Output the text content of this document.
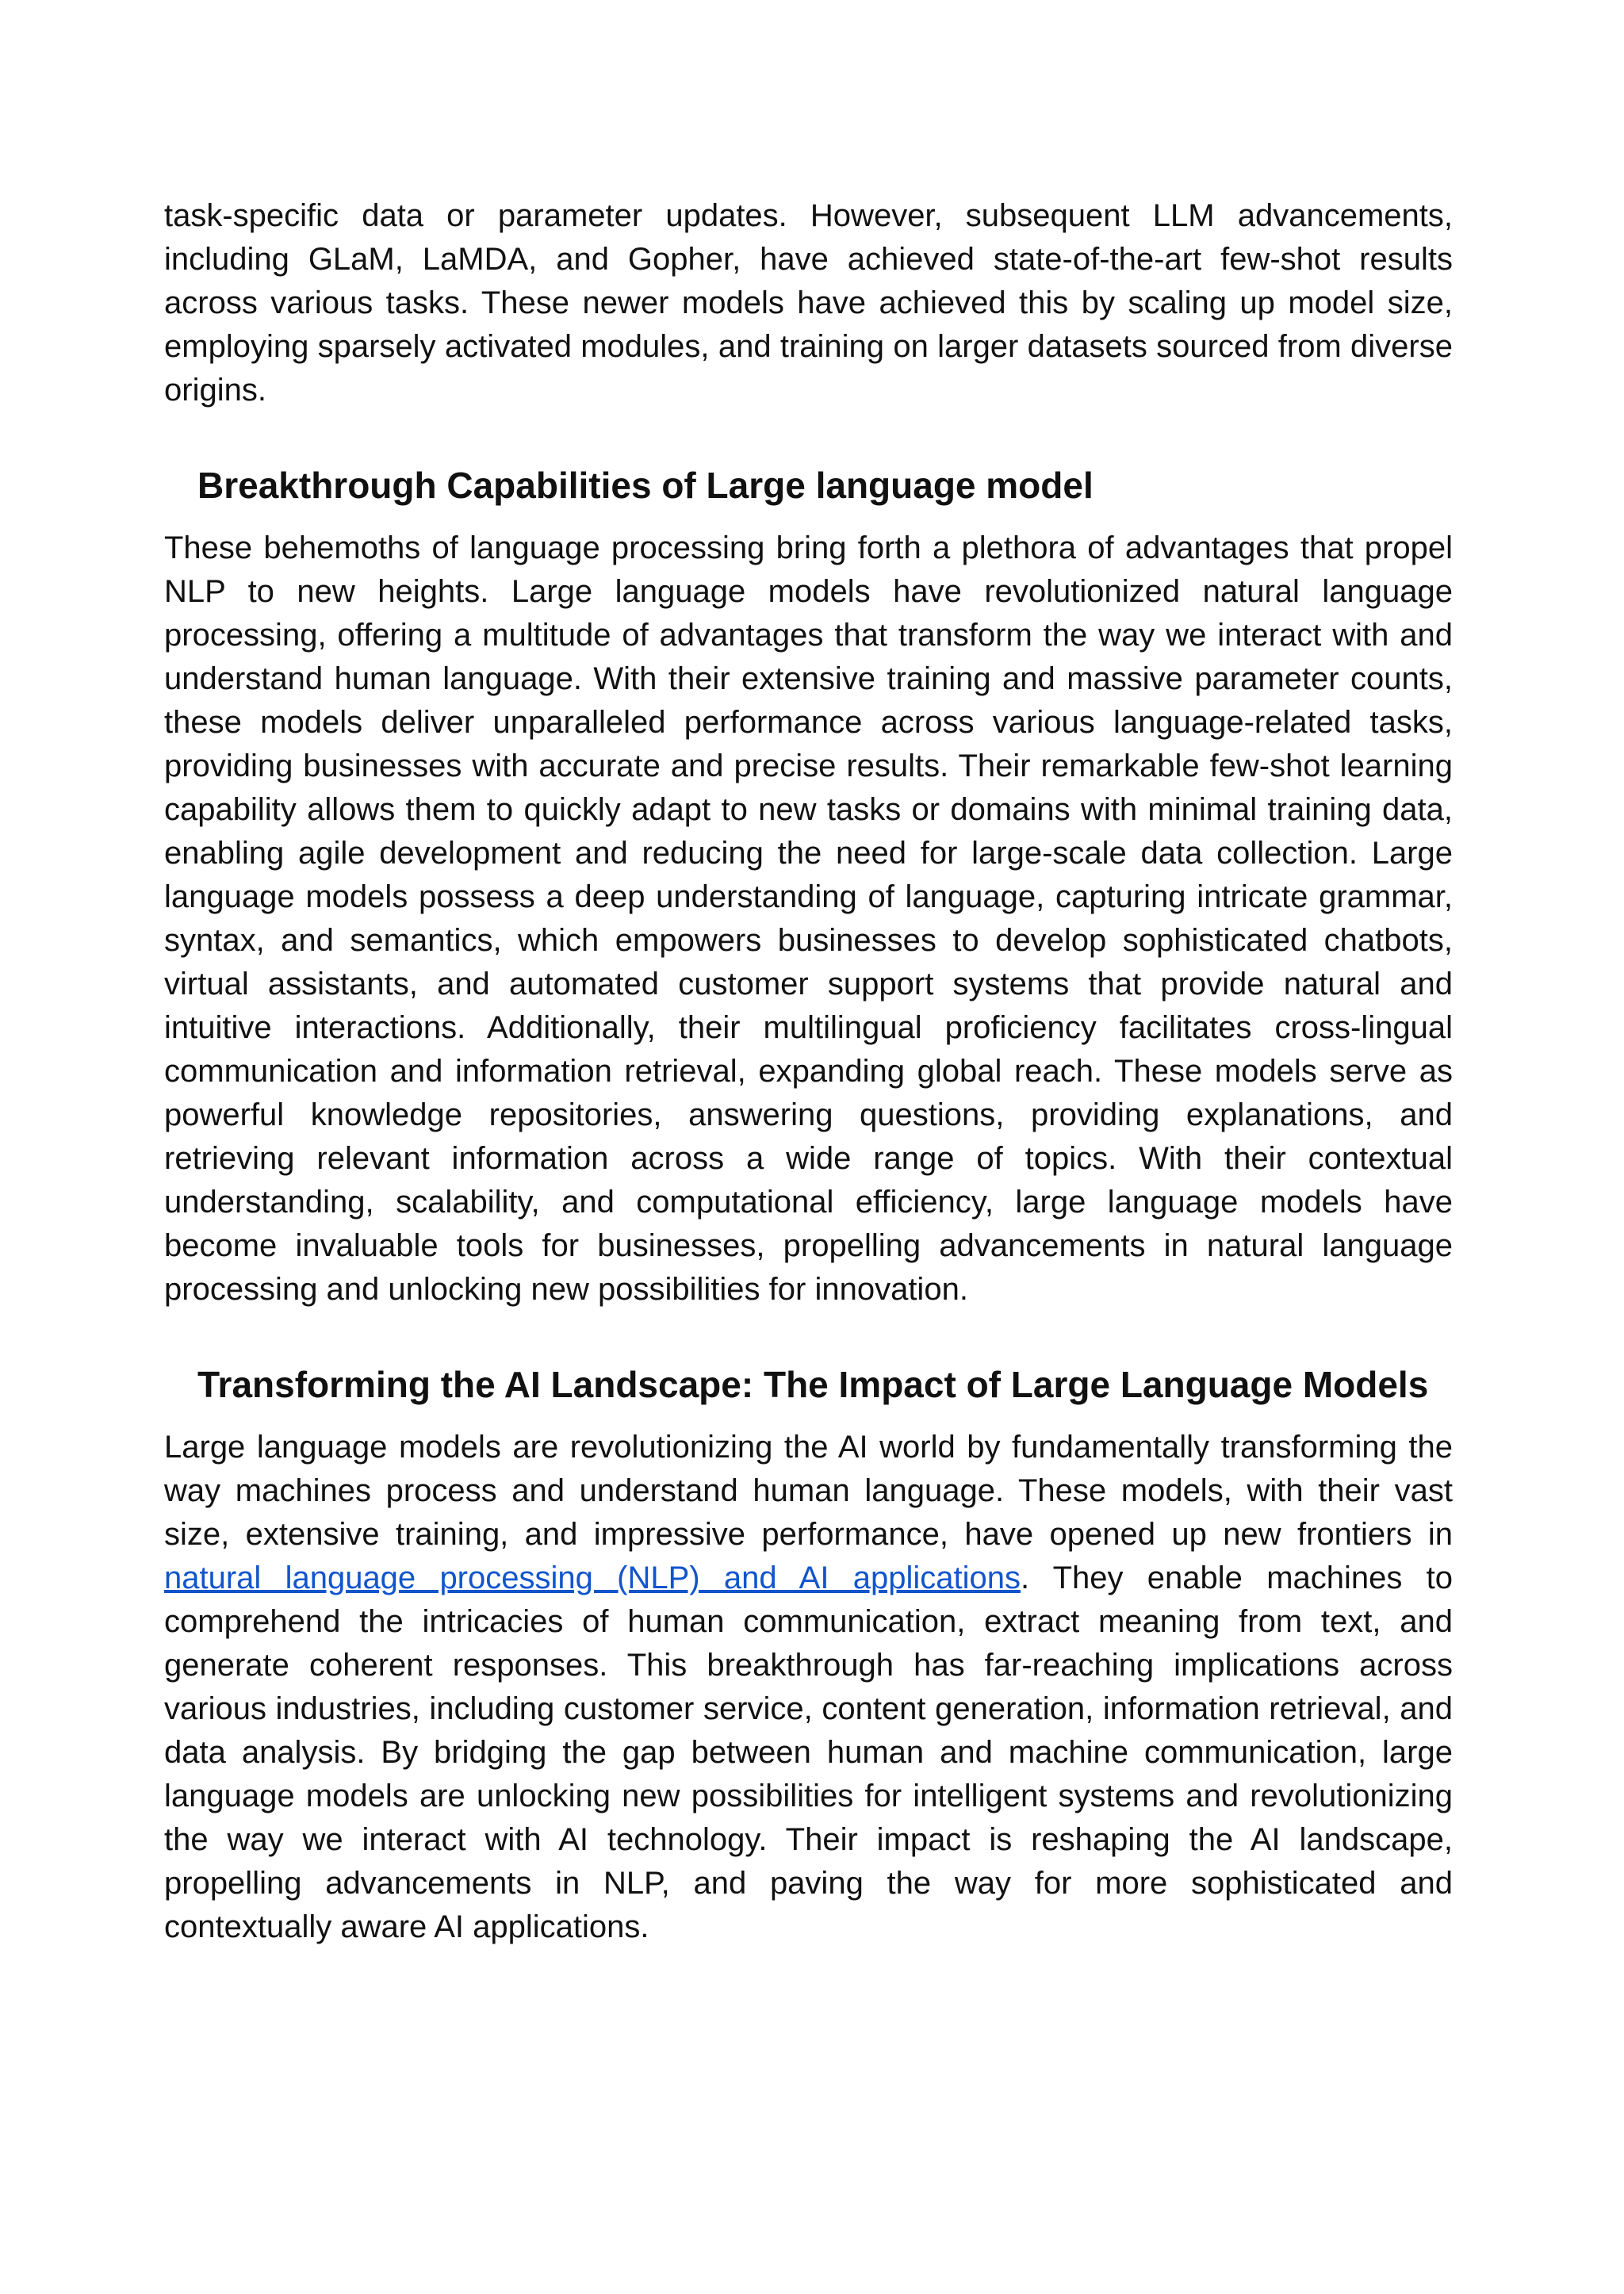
task-specific data or parameter updates. However, subsequent LLM advancements, including GLaM, LaMDA, and Gopher, have achieved state-of-the-art few-shot results across various tasks. These newer models have achieved this by scaling up model size, employing sparsely activated modules, and training on larger datasets sourced from diverse origins.

Breakthrough Capabilities of Large language model

These behemoths of language processing bring forth a plethora of advantages that propel NLP to new heights. Large language models have revolutionized natural language processing, offering a multitude of advantages that transform the way we interact with and understand human language. With their extensive training and massive parameter counts, these models deliver unparalleled performance across various language-related tasks, providing businesses with accurate and precise results. Their remarkable few-shot learning capability allows them to quickly adapt to new tasks or domains with minimal training data, enabling agile development and reducing the need for large-scale data collection. Large language models possess a deep understanding of language, capturing intricate grammar, syntax, and semantics, which empowers businesses to develop sophisticated chatbots, virtual assistants, and automated customer support systems that provide natural and intuitive interactions. Additionally, their multilingual proficiency facilitates cross-lingual communication and information retrieval, expanding global reach. These models serve as powerful knowledge repositories, answering questions, providing explanations, and retrieving relevant information across a wide range of topics. With their contextual understanding, scalability, and computational efficiency, large language models have become invaluable tools for businesses, propelling advancements in natural language processing and unlocking new possibilities for innovation.

Transforming the AI Landscape: The Impact of Large Language Models

Large language models are revolutionizing the AI world by fundamentally transforming the way machines process and understand human language. These models, with their vast size, extensive training, and impressive performance, have opened up new frontiers in natural language processing (NLP) and AI applications. They enable machines to comprehend the intricacies of human communication, extract meaning from text, and generate coherent responses. This breakthrough has far-reaching implications across various industries, including customer service, content generation, information retrieval, and data analysis. By bridging the gap between human and machine communication, large language models are unlocking new possibilities for intelligent systems and revolutionizing the way we interact with AI technology. Their impact is reshaping the AI landscape, propelling advancements in NLP, and paving the way for more sophisticated and contextually aware AI applications.
